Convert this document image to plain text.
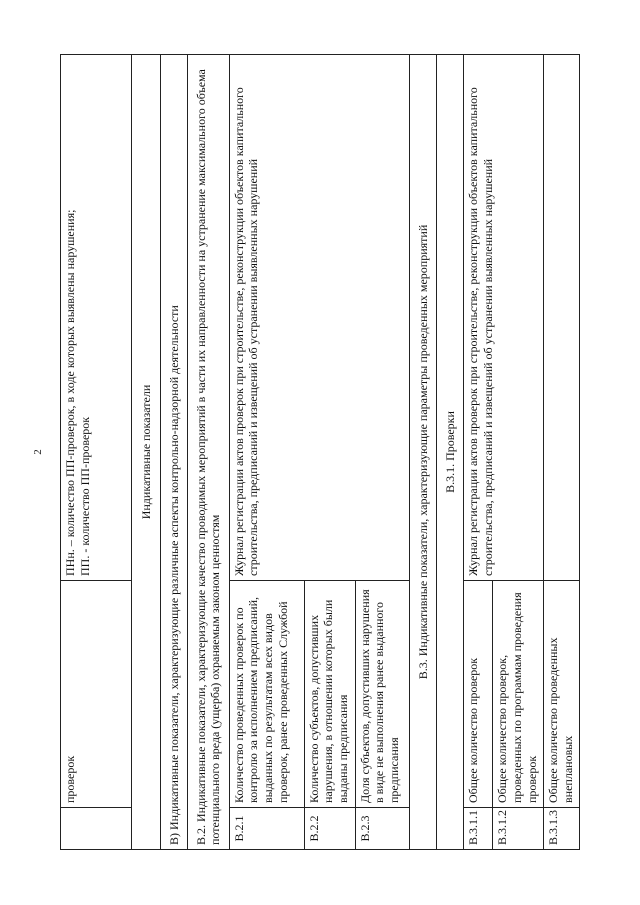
2
	проверок	ПНн. – количество ПП-проверок, в ходе которых выявлены нарушения;
ПП. - количество ПП-проверок
Индикативные показатели		
В) Индикативные показатели, характеризующие различные аспекты контрольно-надзорной деятельности		
В.2. Индикативные показатели, характеризующие качество проводимых мероприятий в части их направленности на устранение максимального объема потенциального вреда (ущерба) охраняемым законом ценностям		
В.2.1	Количество проведенных проверок по контролю за исполнением предписаний, выданных по результатам всех видов проверок, ранее проведенных Службой	Журнал регистрации актов проверок при строительстве, реконструкции объектов капитального строительства, предписаний и извещений об устранении выявленных нарушений
В.2.2	Количество субъектов, допустивших нарушения, в отношении которых были выданы предписания	
В.2.3	Доля субъектов, допустивших нарушения в виде не выполнения ранее выданного предписания	
В.3. Индикативные показатели, характеризующие параметры проведенных мероприятий		
В.3.1. Проверки		
В.3.1.1	Общее количество проверок	Журнал регистрации актов проверок при строительстве, реконструкции объектов капитального строительства, предписаний и извещений об устранении выявленных нарушений
В.3.1.2	Общее количество проверок, проведенных по программам проведения проверок	
В.3.1.3	Общее количество проведенных внеплановых	
